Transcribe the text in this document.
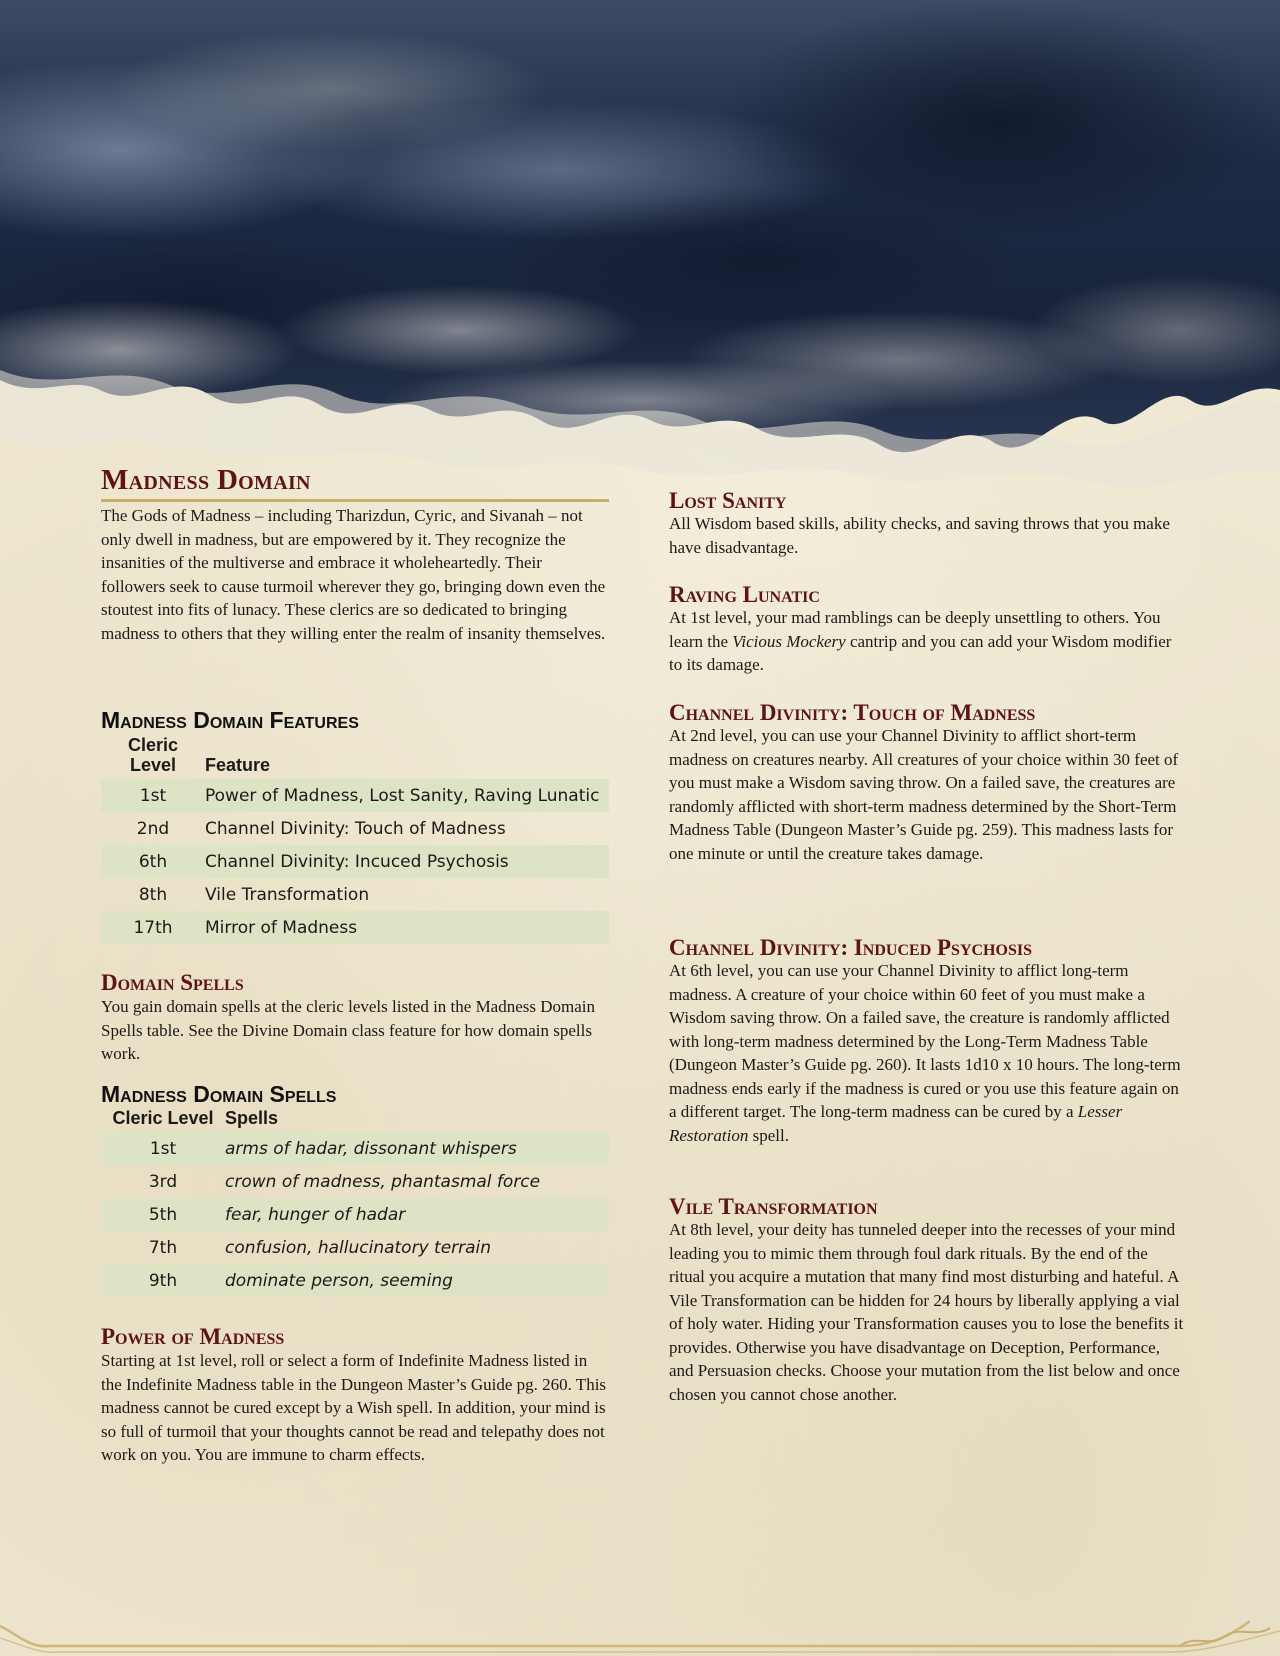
Madness Domain

The Gods of Madness – including Tharizdun, Cyric, and Sivanah – not only dwell in madness, but are empowered by it. They recognize the insanities of the multiverse and embrace it wholeheartedly. Their followers seek to cause turmoil wherever they go, bringing down even the stoutest into fits of lunacy. These clerics are so dedicated to bringing madness to others that they willing enter the realm of insanity themselves.

Madness Domain Features
Cleric
Level	Feature
1st	Power of Madness, Lost Sanity, Raving Lunatic
2nd	Channel Divinity: Touch of Madness
6th	Channel Divinity: Incuced Psychosis
8th	Vile Transformation
17th	Mirror of Madness
Domain Spells

You gain domain spells at the cleric levels listed in the Madness Domain Spells table. See the Divine Domain class feature for how domain spells work.

Madness Domain Spells
Cleric Level	Spells
1st	arms of hadar, dissonant whispers
3rd	crown of madness, phantasmal force
5th	fear, hunger of hadar
7th	confusion, hallucinatory terrain
9th	dominate person, seeming
Power of Madness

Starting at 1st level, roll or select a form of Indefinite Madness listed in the Indefinite Madness table in the Dungeon Master’s Guide pg. 260. This madness cannot be cured except by a Wish spell. In addition, your mind is so full of turmoil that your thoughts cannot be read and telepathy does not work on you. You are immune to charm effects.

Lost Sanity

All Wisdom based skills, ability checks, and saving throws that you make have disadvantage.

Raving Lunatic

At 1st level, your mad ramblings can be deeply unsettling to others. You learn the Vicious Mockery cantrip and you can add your Wisdom modifier to its damage.

Channel Divinity: Touch of Madness

At 2nd level, you can use your Channel Divinity to afflict short-term madness on creatures nearby. All creatures of your choice within 30 feet of you must make a Wisdom saving throw. On a failed save, the creatures are randomly afflicted with short-term madness determined by the Short-Term Madness Table (Dungeon Master’s Guide pg. 259). This madness lasts for one minute or until the creature takes damage.

Channel Divinity: Induced Psychosis

At 6th level, you can use your Channel Divinity to afflict long-term madness. A creature of your choice within 60 feet of you must make a Wisdom saving throw. On a failed save, the creature is randomly afflicted with long-term madness determined by the Long-Term Madness Table (Dungeon Master’s Guide pg. 260). It lasts 1d10 x 10 hours. The long-term madness ends early if the madness is cured or you use this feature again on a different target. The long-term madness can be cured by a Lesser Restoration spell.

Vile Transformation

At 8th level, your deity has tunneled deeper into the recesses of your mind leading you to mimic them through foul dark rituals. By the end of the ritual you acquire a mutation that many find most disturbing and hateful. A Vile Transformation can be hidden for 24 hours by liberally applying a vial of holy water. Hiding your Transformation causes you to lose the benefits it provides. Otherwise you have disadvantage on Deception, Performance, and Persuasion checks. Choose your mutation from the list below and once chosen you cannot chose another.
